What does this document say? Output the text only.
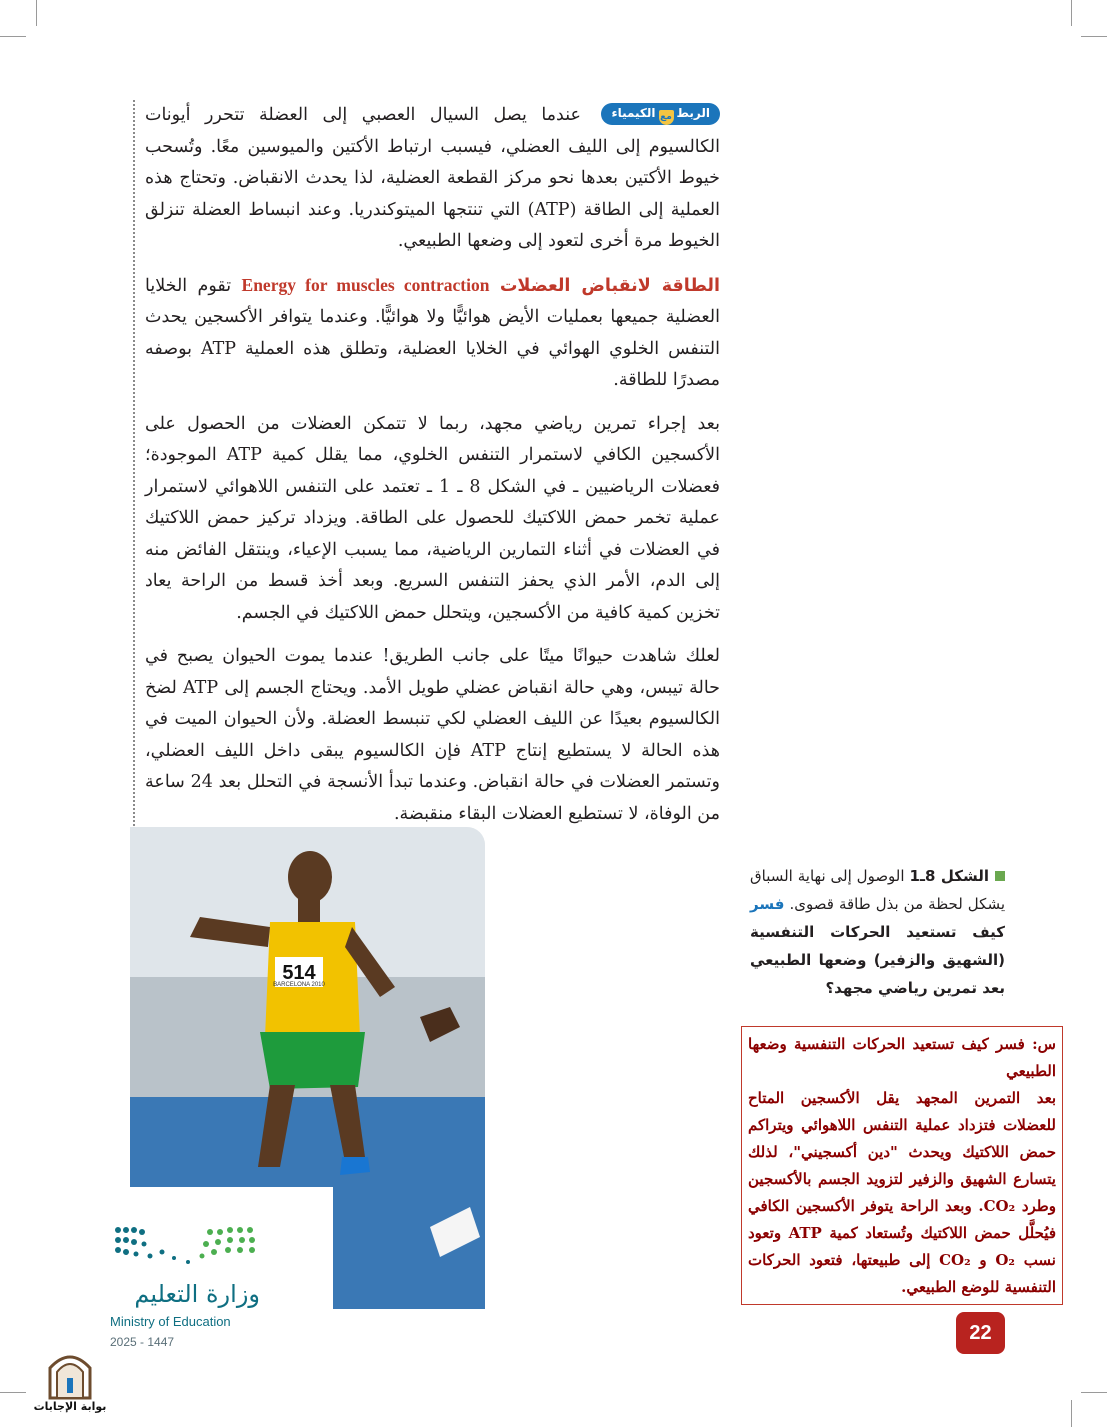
الربطمعالكيمياء عندما يصل السيال العصبي إلى العضلة تتحرر أيونات الكالسيوم إلى الليف العضلي، فيسبب ارتباط الأكتين والميوسين معًا. وتُسحب خيوط الأكتين بعدها نحو مركز القطعة العضلية، لذا يحدث الانقباض. وتحتاج هذه العملية إلى الطاقة (ATP) التي تنتجها الميتوكندريا. وعند انبساط العضلة تنزلق الخيوط مرة أخرى لتعود إلى وضعها الطبيعي.

الطاقة لانقباض العضلات Energy for muscles contraction تقوم الخلايا العضلية جميعها بعمليات الأيض هوائيًّا ولا هوائيًّا. وعندما يتوافر الأكسجين يحدث التنفس الخلوي الهوائي في الخلايا العضلية، وتطلق هذه العملية ATP بوصفه مصدرًا للطاقة.

بعد إجراء تمرين رياضي مجهد، ربما لا تتمكن العضلات من الحصول على الأكسجين الكافي لاستمرار التنفس الخلوي، مما يقلل كمية ATP الموجودة؛ فعضلات الرياضيين ـ في الشكل 8 ـ 1 ـ تعتمد على التنفس اللاهوائي لاستمرار عملية تخمر حمض اللاكتيك للحصول على الطاقة. ويزداد تركيز حمض اللاكتيك في العضلات في أثناء التمارين الرياضية، مما يسبب الإعياء، وينتقل الفائض منه إلى الدم، الأمر الذي يحفز التنفس السريع. وبعد أخذ قسط من الراحة يعاد تخزين كمية كافية من الأكسجين، ويتحلل حمض اللاكتيك في الجسم.

لعلك شاهدت حيوانًا ميتًا على جانب الطريق! عندما يموت الحيوان يصبح في حالة تيبس، وهي حالة انقباض عضلي طويل الأمد. ويحتاج الجسم إلى ATP لضخ الكالسيوم بعيدًا عن الليف العضلي لكي تنبسط العضلة. ولأن الحيوان الميت في هذه الحالة لا يستطيع إنتاج ATP فإن الكالسيوم يبقى داخل الليف العضلي، وتستمر العضلات في حالة انقباض. وعندما تبدأ الأنسجة في التحلل بعد 24 ساعة من الوفاة، لا تستطيع العضلات البقاء منقبضة.

514
BARCELONA 2010
وزارة التعليم
Ministry of Education
2025 - 1447
الشكل 8ـ1 الوصول إلى نهاية السباق يشكل لحظة من بذل طاقة قصوى. فسر كيف تستعيد الحركات التنفسية (الشهيق والزفير) وضعها الطبيعي بعد تمرين رياضي مجهد؟

س: فسر كيف تستعيد الحركات التنفسية وضعها الطبيعي

بعد التمرين المجهد يقل الأكسجين المتاح للعضلات فتزداد عملية التنفس اللاهوائي ويتراكم حمض اللاكتيك ويحدث "دين أكسجيني"، لذلك يتسارع الشهيق والزفير لتزويد الجسم بالأكسجين وطرد CO₂. وبعد الراحة يتوفر الأكسجين الكافي فيُحلَّل حمض اللاكتيك وتُستعاد كمية ATP وتعود نسب O₂ و CO₂ إلى طبيعتها، فتعود الحركات التنفسية للوضع الطبيعي.

22
بوابة الإجابات
